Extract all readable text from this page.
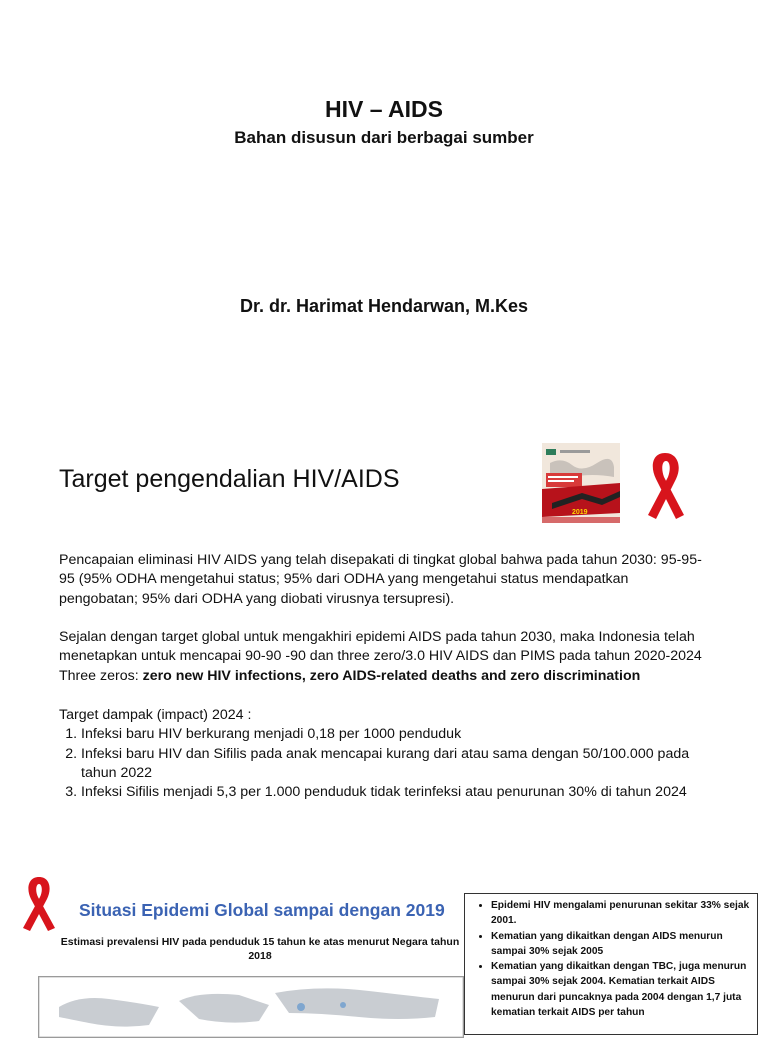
HIV – AIDS
Bahan disusun dari berbagai sumber
Dr. dr. Harimat Hendarwan, M.Kes
Target pengendalian HIV/AIDS
2019
Pencapaian eliminasi HIV AIDS yang telah disepakati di tingkat global bahwa pada tahun 2030: 95-95-95 (95% ODHA mengetahui status; 95% dari ODHA yang mengetahui status mendapatkan pengobatan; 95% dari ODHA yang diobati virusnya tersupresi).
Sejalan dengan target global untuk mengakhiri epidemi AIDS pada tahun 2030, maka Indonesia telah menetapkan untuk mencapai 90-90 -90 dan three zero/3.0 HIV AIDS dan PIMS pada tahun 2020-2024
Three zeros: zero new HIV infections, zero AIDS-related deaths and zero discrimination
Target dampak (impact) 2024 :
1. Infeksi baru HIV berkurang menjadi 0,18 per 1000 penduduk
2. Infeksi baru HIV dan Sifilis pada anak mencapai kurang dari atau sama dengan 50/100.000 pada tahun 2022
3. Infeksi Sifilis menjadi 5,3 per 1.000 penduduk tidak terinfeksi atau penurunan 30% di tahun 2024
Situasi Epidemi Global sampai dengan 2019
Estimasi prevalensi HIV pada penduduk 15 tahun ke atas menurut Negara tahun 2018
• Epidemi HIV mengalami penurunan sekitar 33% sejak 2001.
• Kematian yang dikaitkan dengan AIDS menurun sampai 30% sejak 2005
• Kematian yang dikaitkan dengan TBC, juga menurun sampai 30% sejak 2004. Kematian terkait AIDS menurun dari puncaknya pada 2004 dengan 1,7 juta kematian terkait AIDS per tahun
